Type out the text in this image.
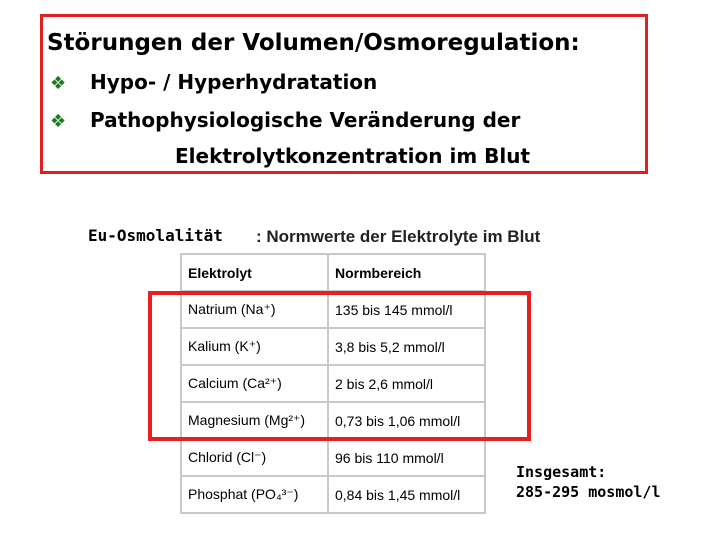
Störungen der Volumen/Osmoregulation:
❖ Hypo- / Hyperhydratation
❖ Pathophysiologische Veränderung der
Elektrolytkonzentration im Blut
Eu-Osmolalität : Normwerte der Elektrolyte im Blut
Elektrolyt	Normbereich
Natrium (Na⁺)	135 bis 145 mmol/l
Kalium (K⁺)	3,8 bis 5,2 mmol/l
Calcium (Ca²⁺)	2 bis 2,6 mmol/l
Magnesium (Mg²⁺)	0,73 bis 1,06 mmol/l
Chlorid (Cl⁻)	96 bis 110 mmol/l
Phosphat (PO₄³⁻)	0,84 bis 1,45 mmol/l
Insgesamt:
285-295 mosmol/l
